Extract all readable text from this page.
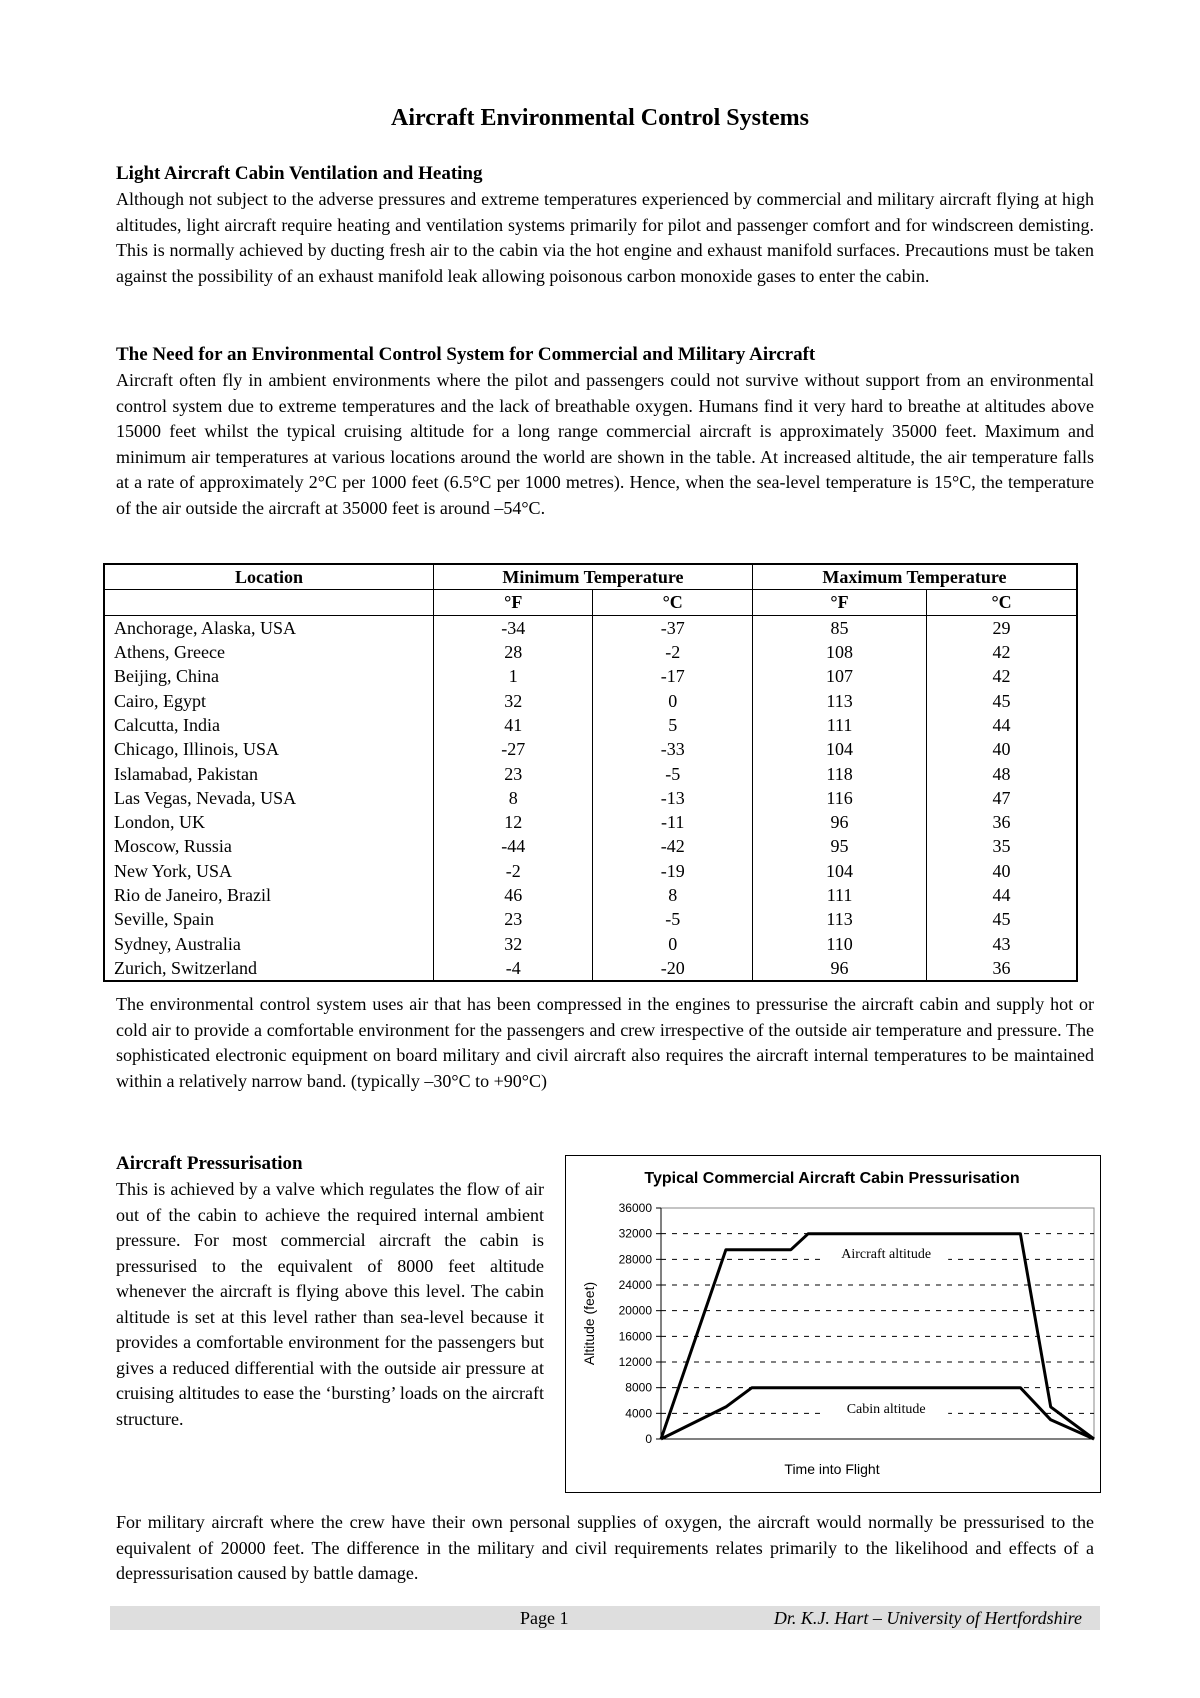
Aircraft Environmental Control Systems
Light Aircraft Cabin Ventilation and Heating

Although not subject to the adverse pressures and extreme temperatures experienced by commercial and military aircraft flying at high altitudes, light aircraft require heating and ventilation systems primarily for pilot and passenger comfort and for windscreen demisting. This is normally achieved by ducting fresh air to the cabin via the hot engine and exhaust manifold surfaces. Precautions must be taken against the possibility of an exhaust manifold leak allowing poisonous carbon monoxide gases to enter the cabin.

The Need for an Environmental Control System for Commercial and Military Aircraft

Aircraft often fly in ambient environments where the pilot and passengers could not survive without support from an environmental control system due to extreme temperatures and the lack of breathable oxygen. Humans find it very hard to breathe at altitudes above 15000 feet whilst the typical cruising altitude for a long range commercial aircraft is approximately 35000 feet. Maximum and minimum air temperatures at various locations around the world are shown in the table. At increased altitude, the air temperature falls at a rate of approximately 2°C per 1000 feet (6.5°C per 1000 metres). Hence, when the sea-level temperature is 15°C, the temperature of the air outside the aircraft at 35000 feet is around –54°C.

Location	Minimum Temperature		Maximum Temperature	
	°F	°C	°F	°C
Anchorage, Alaska, USA	-34	-37	85	29
Athens, Greece	28	-2	108	42
Beijing, China	1	-17	107	42
Cairo, Egypt	32	0	113	45
Calcutta, India	41	5	111	44
Chicago, Illinois, USA	-27	-33	104	40
Islamabad, Pakistan	23	-5	118	48
Las Vegas, Nevada, USA	8	-13	116	47
London, UK	12	-11	96	36
Moscow, Russia	-44	-42	95	35
New York, USA	-2	-19	104	40
Rio de Janeiro, Brazil	46	8	111	44
Seville, Spain	23	-5	113	45
Sydney, Australia	32	0	110	43
Zurich, Switzerland	-4	-20	96	36

The environmental control system uses air that has been compressed in the engines to pressurise the aircraft cabin and supply hot or cold air to provide a comfortable environment for the passengers and crew irrespective of the outside air temperature and pressure. The sophisticated electronic equipment on board military and civil aircraft also requires the aircraft internal temperatures to be maintained within a relatively narrow band. (typically –30°C to +90°C)

Aircraft Pressurisation

This is achieved by a valve which regulates the flow of air out of the cabin to achieve the required internal ambient pressure. For most commercial aircraft the cabin is pressurised to the equivalent of 8000 feet altitude whenever the aircraft is flying above this level. The cabin altitude is set at this level rather than sea-level because it provides a comfortable environment for the passengers but gives a reduced differential with the outside air pressure at cruising altitudes to ease the ‘bursting’ loads on the aircraft structure.

Typical Commercial Aircraft Cabin Pressurisation
0
4000
8000
12000
16000
20000
24000
28000
32000
36000
Time into Flight
Altitude (feet)
Aircraft altitude
Cabin altitude

For military aircraft where the crew have their own personal supplies of oxygen, the aircraft would normally be pressurised to the equivalent of 20000 feet. The difference in the military and civil requirements relates primarily to the likelihood and effects of a depressurisation caused by battle damage.

Page 1	Dr. K.J. Hart – University of Hertfordshire
